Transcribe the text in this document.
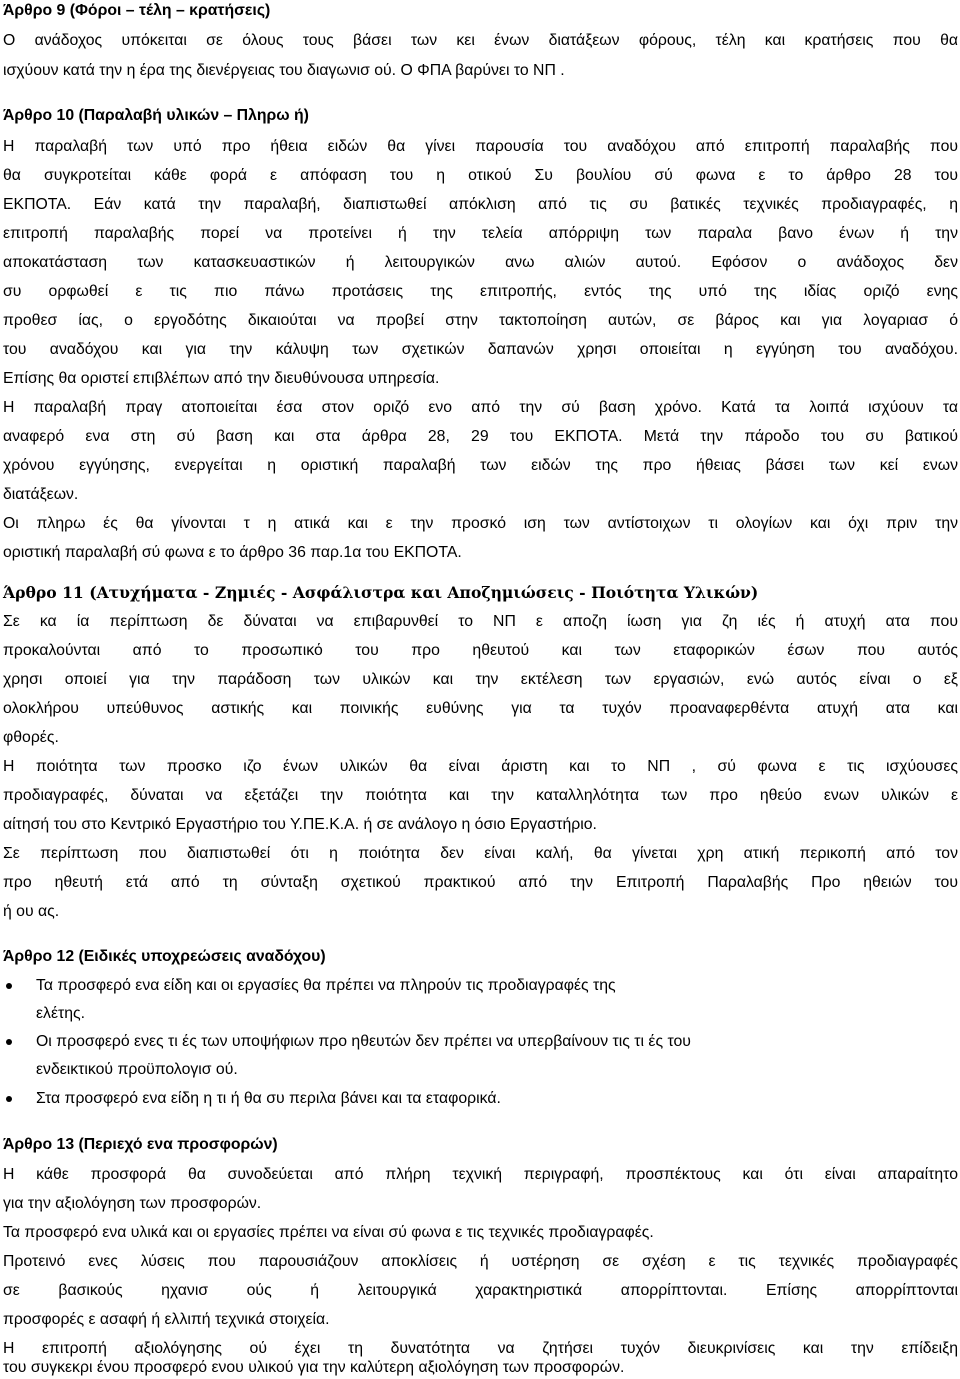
Άρθρο 9 (Φόροι – τέλη – κρατήσεις)
Ο ανάδοχος υπόκειται σε όλους τους βάσει των κει ένων διατάξεων φόρους, τέλη και κρατήσεις που θα
ισχύουν κατά την η έρα της διενέργειας του διαγωνισ ού. Ο ΦΠΑ βαρύνει το ΝΠ .
Άρθρο 10 (Παραλαβή υλικών – Πληρω ή)
Η παραλαβή των υπό προ ήθεια ειδών θα γίνει παρουσία του αναδόχου από επιτροπή παραλαβής που
θα συγκροτείται κάθε φορά ε απόφαση του η οτικού Συ βουλίου σύ φωνα ε το άρθρο 28 του
ΕΚΠΟΤΑ. Εάν κατά την παραλαβή, διαπιστωθεί απόκλιση από τις συ βατικές τεχνικές προδιαγραφές, η
επιτροπή παραλαβής πορεί να προτείνει ή την τελεία απόρριψη των παραλα βανο ένων ή την
αποκατάσταση των κατασκευαστικών ή λειτουργικών ανω αλιών αυτού. Εφόσον ο ανάδοχος δεν
συ ορφωθεί ε τις πιο πάνω προτάσεις της επιτροπής, εντός της υπό της ιδίας οριζό ενης
προθεσ ίας, ο εργοδότης δικαιούται να προβεί στην τακτοποίηση αυτών, σε βάρος και για λογαριασ ό
του αναδόχου και για την κάλυψη των σχετικών δαπανών χρησι οποιείται η εγγύηση του αναδόχου.
Επίσης θα οριστεί επιβλέπων από την διευθύνουσα υπηρεσία.
Η παραλαβή πραγ ατοποιείται έσα στον οριζό ενο από την σύ βαση χρόνο. Κατά τα λοιπά ισχύουν τα
αναφερό ενα στη σύ βαση και στα άρθρα 28, 29 του ΕΚΠΟΤΑ. Μετά την πάροδο του συ βατικού
χρόνου εγγύησης, ενεργείται η οριστική παραλαβή των ειδών της προ ήθειας βάσει των κεί ενων
διατάξεων.
Οι πληρω ές θα γίνονται τ η ατικά και ε την προσκό ιση των αντίστοιχων τι ολογίων και όχι πριν την
οριστική παραλαβή σύ φωνα ε το άρθρο 36 παρ.1α του ΕΚΠΟΤΑ.
Άρθρο 11 (Ατυχήματα - Ζημιές - Ασφάλιστρα και Αποζημιώσεις - Ποιότητα Υλικών)
Σε κα ία περίπτωση δε δύναται να επιβαρυνθεί το ΝΠ ε αποζη ίωση για ζη ιές ή ατυχή ατα που
προκαλούνται από το προσωπικό του προ ηθευτού και των εταφορικών έσων που αυτός
χρησι οποιεί για την παράδοση των υλικών και την εκτέλεση των εργασιών, ενώ αυτός είναι ο εξ
ολοκλήρου υπεύθυνος αστικής και ποινικής ευθύνης για τα τυχόν προαναφερθέντα ατυχή ατα και
φθορές.
Η ποιότητα των προσκο ιζο ένων υλικών θα είναι άριστη και το ΝΠ , σύ φωνα ε τις ισχύουσες
προδιαγραφές, δύναται να εξετάζει την ποιότητα και την καταλληλότητα των προ ηθεύο ενων υλικών ε
αίτησή του στο Κεντρικό Εργαστήριο του Υ.ΠΕ.Κ.Α. ή σε ανάλογο η όσιο Εργαστήριο.
Σε περίπτωση που διαπιστωθεί ότι η ποιότητα δεν είναι καλή, θα γίνεται χρη ατική περικοπή από τον
προ ηθευτή ετά από τη σύνταξη σχετικού πρακτικού από την Επιτροπή Παραλαβής Προ ηθειών του
ή ου ας.
Άρθρο 12 (Ειδικές υποχρεώσεις αναδόχου)
Τα προσφερό ενα είδη και οι εργασίες θα πρέπει να πληρούν τις προδιαγραφές της
ελέτης.
Οι προσφερό ενες τι ές των υποψήφιων προ ηθευτών δεν πρέπει να υπερβαίνουν τις τι ές του
ενδεικτικού προϋπολογισ ού.
Στα προσφερό ενα είδη η τι ή θα συ περιλα βάνει και τα εταφορικά.
Άρθρο 13 (Περιεχό ενα προσφορών)
Η κάθε προσφορά θα συνοδεύεται από πλήρη τεχνική περιγραφή, προσπέκτους και ότι είναι απαραίτητο
για την αξιολόγηση των προσφορών.
Τα προσφερό ενα υλικά και οι εργασίες πρέπει να είναι σύ φωνα ε τις τεχνικές προδιαγραφές.
Προτεινό ενες λύσεις που παρουσιάζουν αποκλίσεις ή υστέρηση σε σχέση ε τις τεχνικές προδιαγραφές
σε βασικούς ηχανισ ούς ή λειτουργικά χαρακτηριστικά απορρίπτονται. Επίσης απορρίπτονται
προσφορές ε ασαφή ή ελλιπή τεχνικά στοιχεία.
Η επιτροπή αξιολόγησης ού έχει τη δυνατότητα να ζητήσει τυχόν διευκρινίσεις και την επίδειξη
του συγκεκρι ένου προσφερό ενου υλικού για την καλύτερη αξιολόγηση των προσφορών.
